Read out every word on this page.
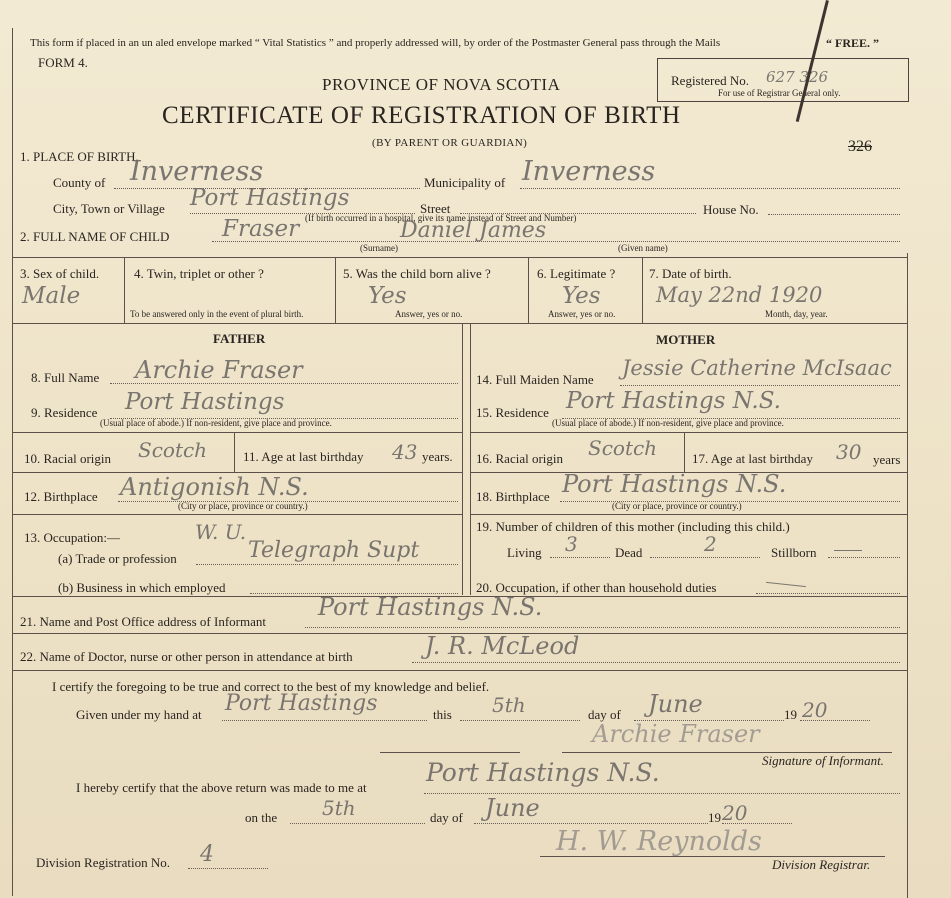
This form if placed in an un aled envelope marked “ Vital Statistics ” and properly addressed will, by order of the Postmaster General pass through the Mails	“ FREE. ”
FORM 4.
PROVINCE OF NOVA SCOTIA
CERTIFICATE OF REGISTRATION OF BIRTH
(BY PARENT OR GUARDIAN)
Registered No. 627 326
For use of Registrar General only.
326
1. PLACE OF BIRTH.
County of Inverness	Municipality of Inverness
City, Town or Village Port Hastings	Street	House No.
(If birth occurred in a hospital, give its name instead of Street and Number)
2. FULL NAME OF CHILD Fraser	Daniel James
(Surname)	(Given name)
3. Sex of child.
Male
4. Twin, triplet or other ?
To be answered only in the event of plural birth.
5. Was the child born alive ?
Yes
Answer, yes or no.
6. Legitimate ?
Yes
Answer, yes or no.
7. Date of birth.
May 22nd 1920
Month, day, year.
FATHER	MOTHER
8. Full Name Archie Fraser
9. Residence Port Hastings
(Usual place of abode.) If non-resident, give place and province.
10. Racial origin Scotch	11. Age at last birthday 43 years.
12. Birthplace Antigonish N.S.
(City or place, province or country.)
13. Occupation:—	W. U.
(a) Trade or profession	Telegraph Supt
(b) Business in which employed
14. Full Maiden Name Jessie Catherine McIsaac
15. Residence Port Hastings N.S.
(Usual place of abode.) If non-resident, give place and province.
16. Racial origin Scotch	17. Age at last birthday 30 years
18. Birthplace Port Hastings N.S.
(City or place, province or country.)
19. Number of children of this mother (including this child.)
Living 3	Dead	2	Stillborn
20. Occupation, if other than household duties
21. Name and Post Office address of Informant
Port Hastings N.S.
22. Name of Doctor, nurse or other person in attendance at birth	J. R. McLeod
I certify the foregoing to be true and correct to the best of my knowledge and belief.
Given under my hand at Port Hastings	this 5th	day of June	19 20
Archie Fraser
Signature of Informant.
I hereby certify that the above return was made to me at
Port Hastings N.S.
on the 5th	day of June	19 20
Division Registration No. 4	H. W. Reynolds
Division Registrar.
